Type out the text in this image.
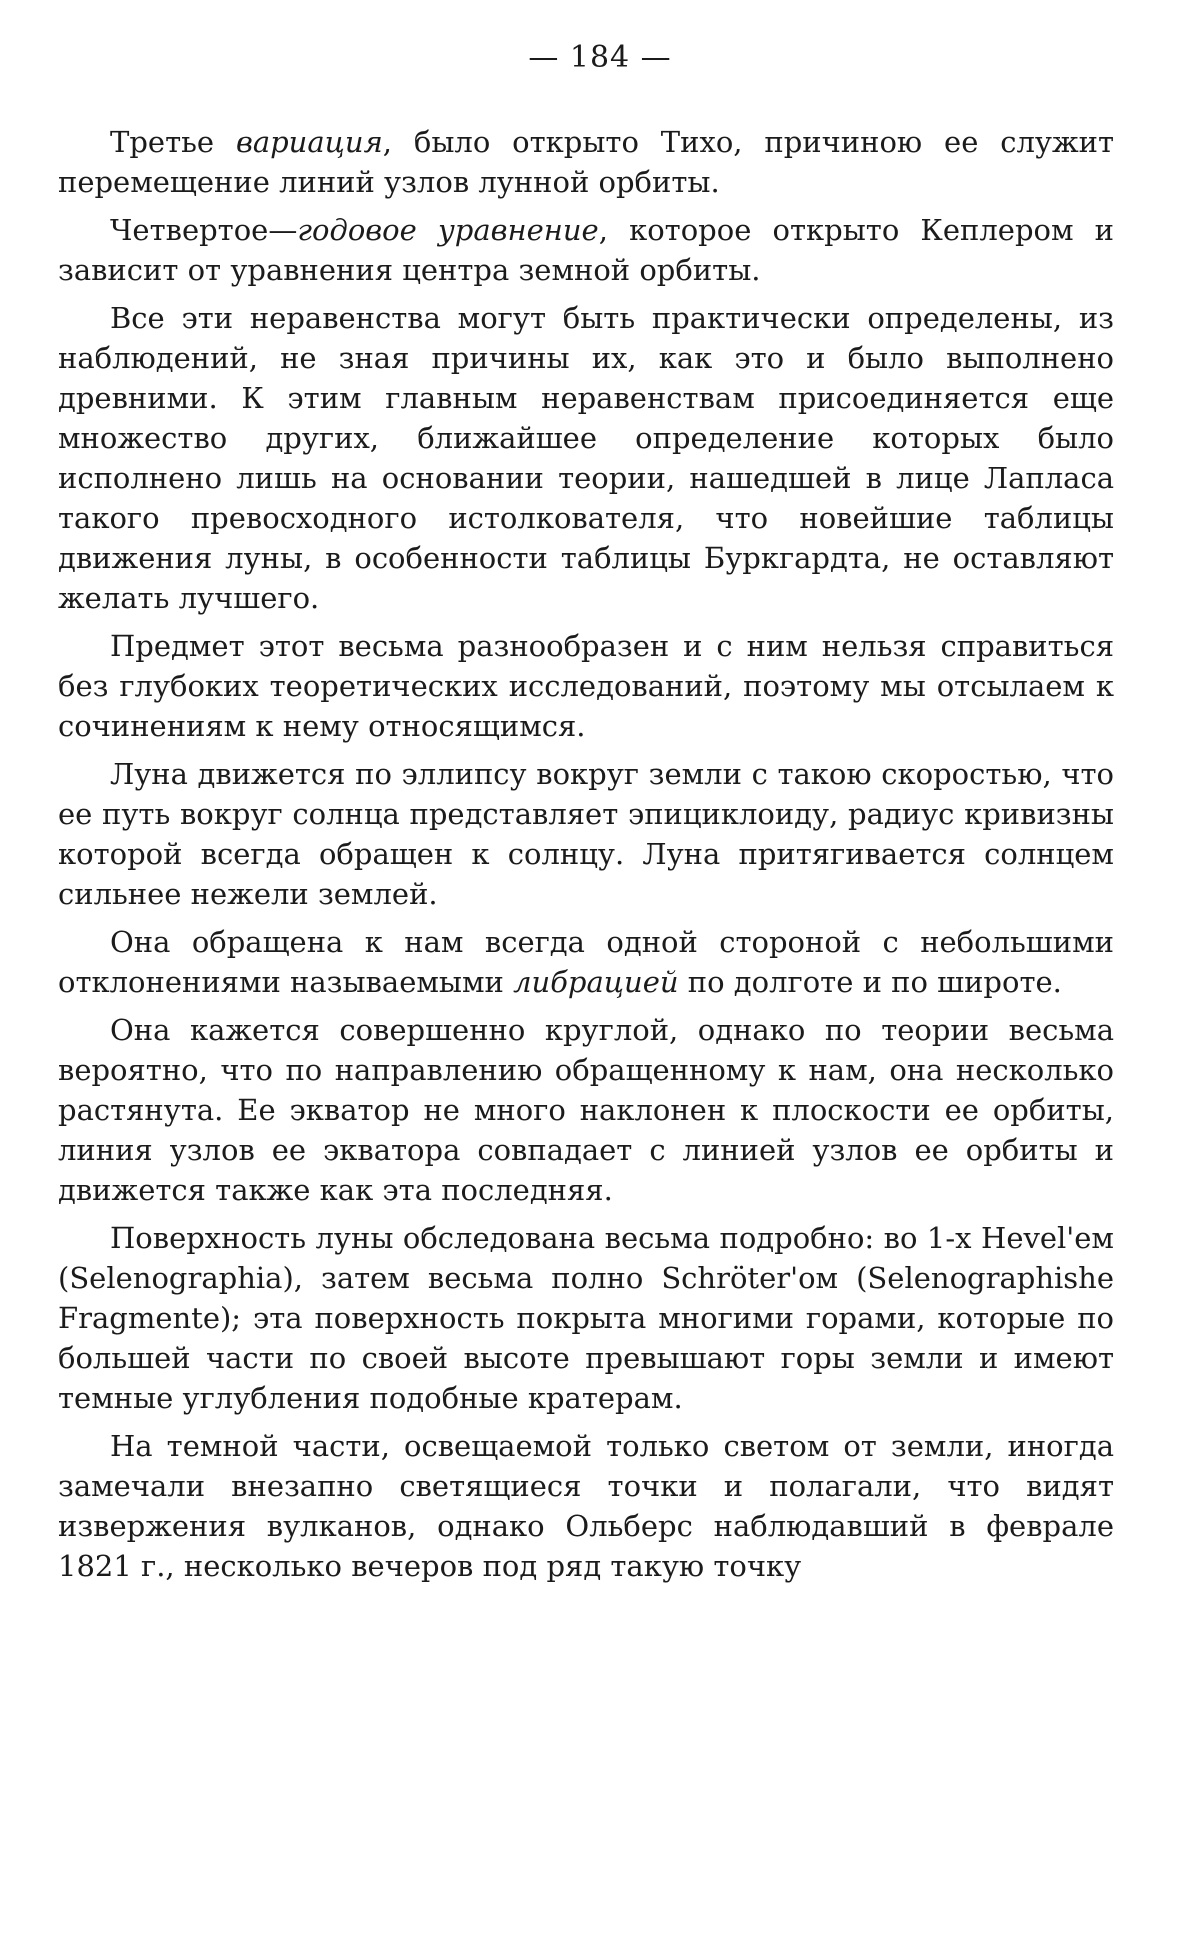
— 184 —

Третье вариация, было открыто Тихо, причиною ее служит перемещение линий узлов лунной орбиты.

Четвертое—годовое уравнение, которое открыто Кеплером и зависит от уравнения центра земной орбиты.

Все эти неравенства могут быть практически определены, из наблюдений, не зная причины их, как это и было выполнено древними. К этим главным неравенствам присоединяется еще множество других, ближайшее определение которых было исполнено лишь на основании теории, нашедшей в лице Лапласа такого превосходного истолкователя, что новейшие таблицы движения луны, в особенности таблицы Буркгардта, не оставляют желать лучшего.

Предмет этот весьма разнообразен и с ним нельзя справиться без глубоких теоретических исследований, поэтому мы отсылаем к сочинениям к нему относящимся.

Луна движется по эллипсу вокруг земли с такою скоростью, что ее путь вокруг солнца представляет эпициклоиду, радиус кривизны которой всегда обращен к солнцу. Луна притягивается солнцем сильнее нежели землей.

Она обращена к нам всегда одной стороной с небольшими отклонениями называемыми либрацией по долготе и по широте.

Она кажется совершенно круглой, однако по теории весьма вероятно, что по направлению обращенному к нам, она несколько растянута. Ее экватор не много наклонен к плоскости ее орбиты, линия узлов ее экватора совпадает с линией узлов ее орбиты и движется также как эта последняя.

Поверхность луны обследована весьма подробно: во 1-х Hevel'ем (Selenographia), затем весьма полно Schröter'ом (Selenographishe Fragmente); эта поверхность покрыта многими горами, которые по большей части по своей высоте превышают горы земли и имеют темные углубления подобные кратерам.

На темной части, освещаемой только светом от земли, иногда замечали внезапно светящиеся точки и полагали, что видят извержения вулканов, однако Ольберс наблюдавший в феврале 1821 г., несколько вечеров под ряд такую точку
